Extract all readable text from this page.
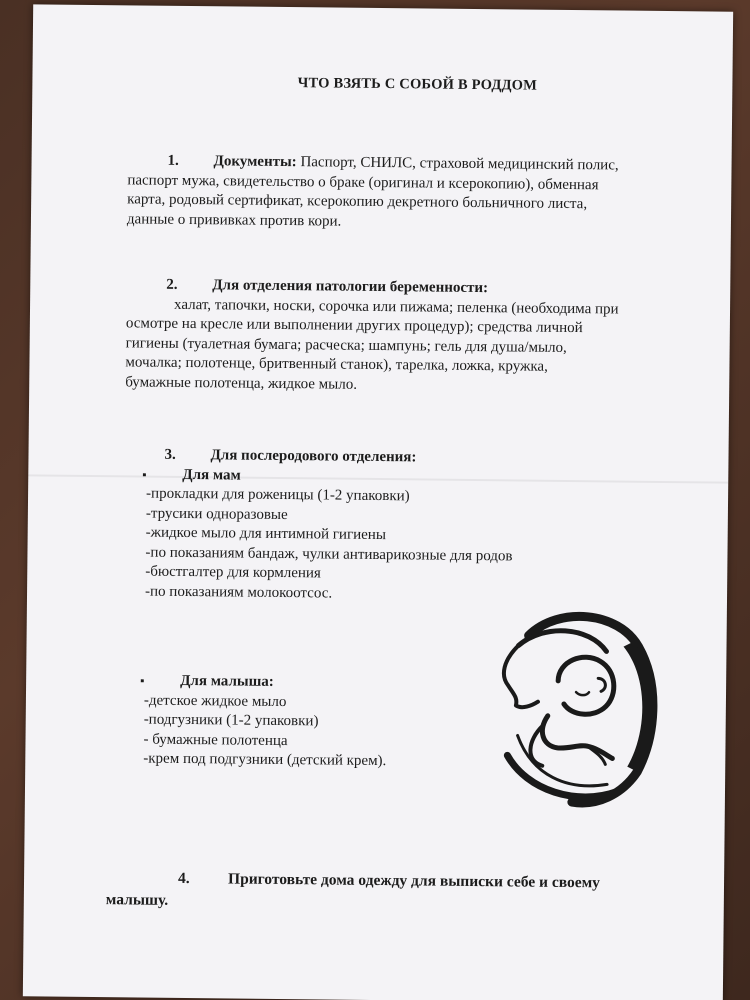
ЧТО ВЗЯТЬ С СОБОЙ В РОДДОМ
1. Документы: Паспорт, СНИЛС, страховой медицинский полис,
паспорт мужа, свидетельство о браке (оригинал и ксерокопию), обменная
карта, родовый сертификат, ксерокопию декретного больничного листа,
данные о прививках против кори.
2. Для отделения патологии беременности:
халат, тапочки, носки, сорочка или пижама; пеленка (необходима при
осмотре на кресле или выполнении других процедур); средства личной
гигиены (туалетная бумага; расческа; шампунь; гель для душа/мыло,
мочалка; полотенце, бритвенный станок), тарелка, ложка, кружка,
бумажные полотенца, жидкое мыло.
3. Для послеродового отделения:
▪ Для мам
-прокладки для роженицы (1-2 упаковки)
-трусики одноразовые
-жидкое мыло для интимной гигиены
-по показаниям бандаж, чулки антиварикозные для родов
-бюстгалтер для кормления
-по показаниям молокоотсос.
▪ Для малыша:
-детское жидкое мыло
-подгузники (1-2 упаковки)
- бумажные полотенца
-крем под подгузники (детский крем).
4. Приготовьте дома одежду для выписки себе и своему
малышу.
